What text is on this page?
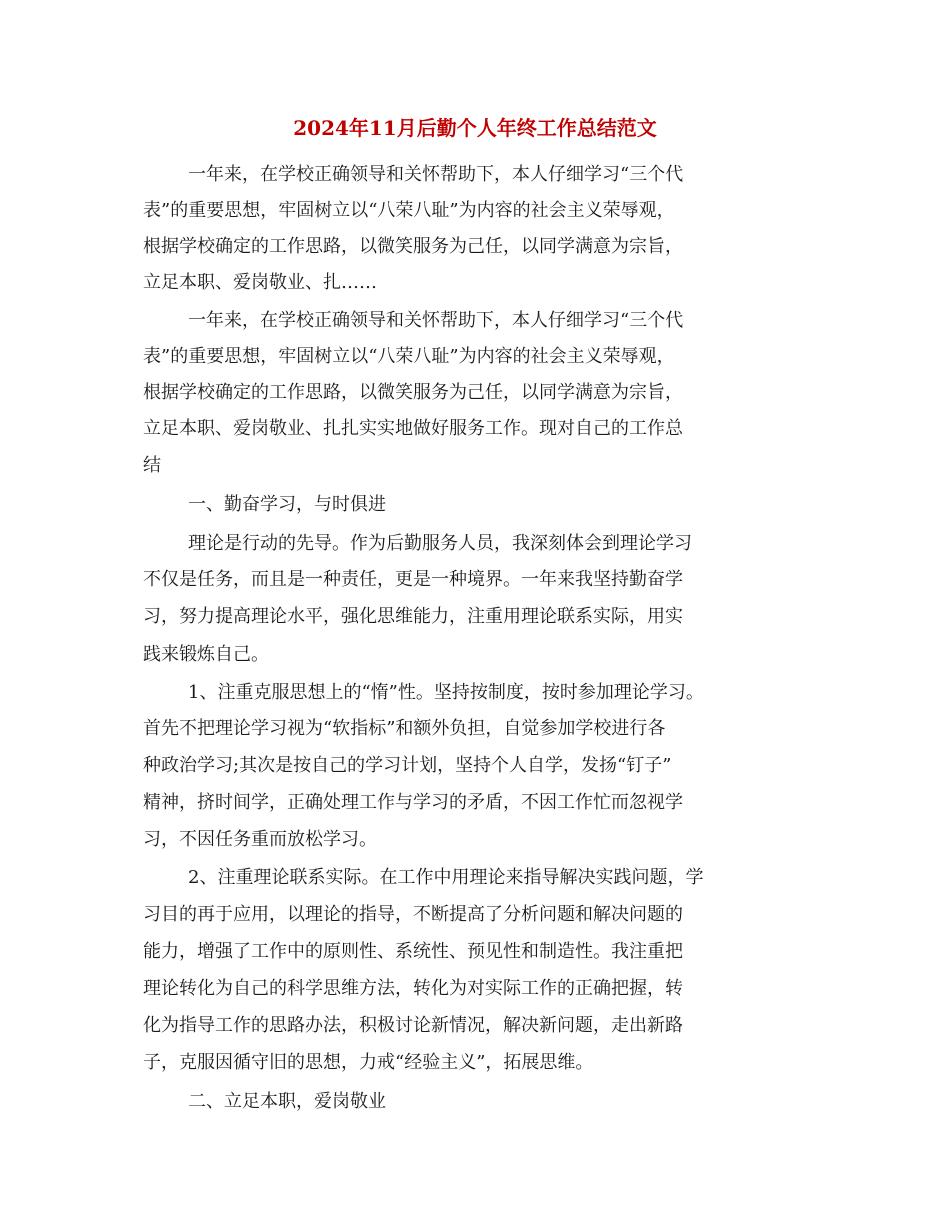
2024年11月后勤个人年终工作总结范文
一年来，在学校正确领导和关怀帮助下，本人仔细学习“三个代
表”的重要思想，牢固树立以“八荣八耻”为内容的社会主义荣辱观，
根据学校确定的工作思路，以微笑服务为己任，以同学满意为宗旨，
立足本职、爱岗敬业、扎……
一年来，在学校正确领导和关怀帮助下，本人仔细学习“三个代
表”的重要思想，牢固树立以“八荣八耻”为内容的社会主义荣辱观，
根据学校确定的工作思路，以微笑服务为己任，以同学满意为宗旨，
立足本职、爱岗敬业、扎扎实实地做好服务工作。现对自己的工作总
结
一、勤奋学习，与时俱进
理论是行动的先导。作为后勤服务人员，我深刻体会到理论学习
不仅是任务，而且是一种责任，更是一种境界。一年来我坚持勤奋学
习，努力提高理论水平，强化思维能力，注重用理论联系实际，用实
践来锻炼自己。
1、注重克服思想上的“惰”性。坚持按制度，按时参加理论学习。
首先不把理论学习视为“软指标”和额外负担，自觉参加学校进行各
种政治学习;其次是按自己的学习计划，坚持个人自学，发扬“钉子”
精神，挤时间学，正确处理工作与学习的矛盾，不因工作忙而忽视学
习，不因任务重而放松学习。
2、注重理论联系实际。在工作中用理论来指导解决实践问题，学
习目的再于应用，以理论的指导，不断提高了分析问题和解决问题的
能力，增强了工作中的原则性、系统性、预见性和制造性。我注重把
理论转化为自己的科学思维方法，转化为对实际工作的正确把握，转
化为指导工作的思路办法，积极讨论新情况，解决新问题，走出新路
子，克服因循守旧的思想，力戒“经验主义”，拓展思维。
二、立足本职，爱岗敬业
